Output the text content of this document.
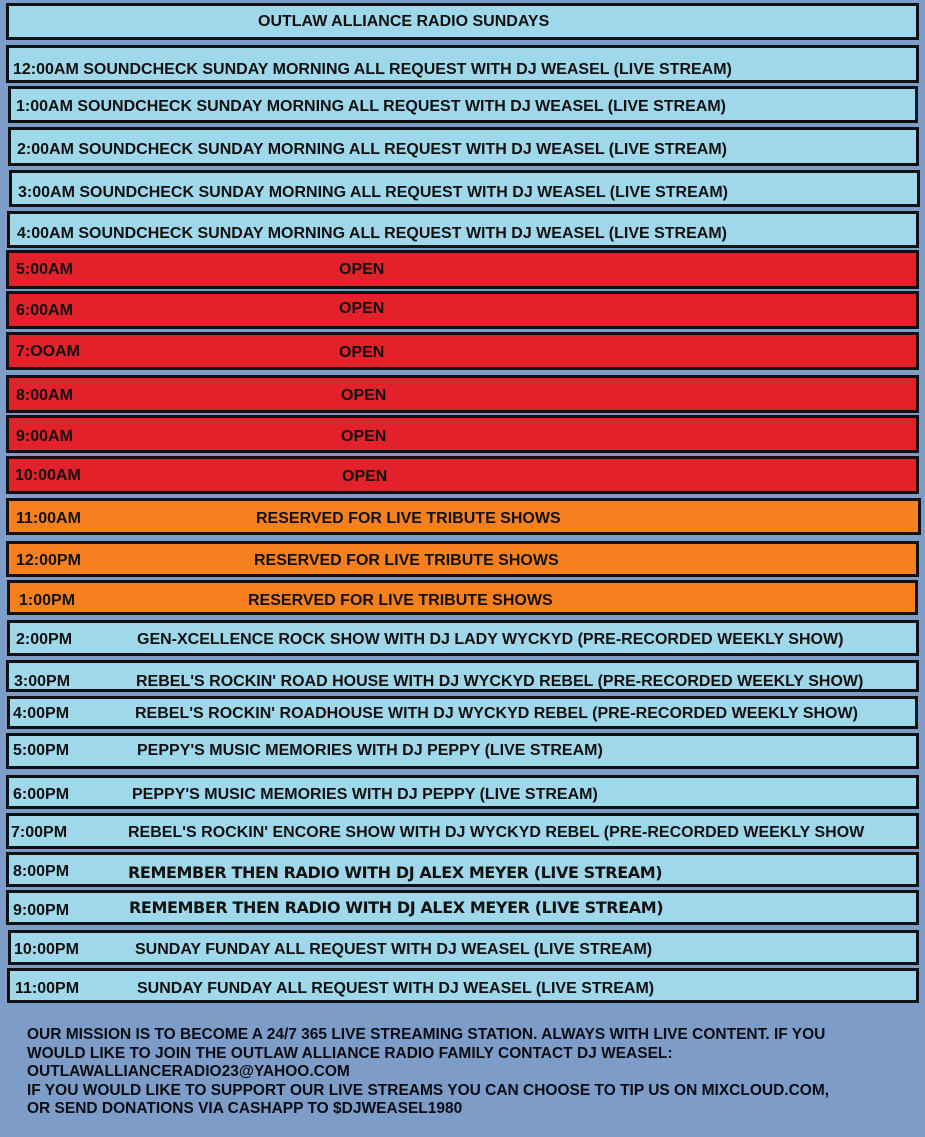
OUTLAW ALLIANCE RADIO SUNDAYS
12:00AM SOUNDCHECK SUNDAY MORNING ALL REQUEST WITH DJ WEASEL (LIVE STREAM)
1:00AM SOUNDCHECK SUNDAY MORNING ALL REQUEST WITH DJ WEASEL (LIVE STREAM)
2:00AM SOUNDCHECK SUNDAY MORNING ALL REQUEST WITH DJ WEASEL (LIVE STREAM)
3:00AM SOUNDCHECK SUNDAY MORNING ALL REQUEST WITH DJ WEASEL (LIVE STREAM)
4:00AM SOUNDCHECK SUNDAY MORNING ALL REQUEST WITH DJ WEASEL (LIVE STREAM)
5:00AM	OPEN
6:00AM	OPEN
7:OOAM	OPEN
8:00AM	OPEN
9:00AM	OPEN
10:00AM	OPEN
11:00AM	RESERVED FOR LIVE TRIBUTE SHOWS
12:00PM	RESERVED FOR LIVE TRIBUTE SHOWS
1:00PM	RESERVED FOR LIVE TRIBUTE SHOWS
2:00PM	GEN-XCELLENCE ROCK SHOW WITH DJ LADY WYCKYD (PRE-RECORDED WEEKLY SHOW)
3:00PM	REBEL'S ROCKIN' ROAD HOUSE WITH DJ WYCKYD REBEL (PRE-RECORDED WEEKLY SHOW)
4:00PM	REBEL'S ROCKIN' ROADHOUSE WITH DJ WYCKYD REBEL (PRE-RECORDED WEEKLY SHOW)
5:00PM	PEPPY'S MUSIC MEMORIES WITH DJ PEPPY (LIVE STREAM)
6:00PM	PEPPY'S MUSIC MEMORIES WITH DJ PEPPY (LIVE STREAM)
7:00PM	REBEL'S ROCKIN' ENCORE SHOW WITH DJ WYCKYD REBEL (PRE-RECORDED WEEKLY SHOW
8:00PM	REMEMBER THEN RADIO WITH DJ ALEX MEYER (LIVE STREAM)
9:00PM	REMEMBER THEN RADIO WITH DJ ALEX MEYER (LIVE STREAM)
10:00PM	SUNDAY FUNDAY ALL REQUEST WITH DJ WEASEL (LIVE STREAM)
11:00PM	SUNDAY FUNDAY ALL REQUEST WITH DJ WEASEL (LIVE STREAM)
OUR MISSION IS TO BECOME A 24/7 365 LIVE STREAMING STATION. ALWAYS WITH LIVE CONTENT. IF YOU
WOULD LIKE TO JOIN THE OUTLAW ALLIANCE RADIO FAMILY CONTACT DJ WEASEL:
OUTLAWALLIANCERADIO23@YAHOO.COM
IF YOU WOULD LIKE TO SUPPORT OUR LIVE STREAMS YOU CAN CHOOSE TO TIP US ON MIXCLOUD.COM,
OR SEND DONATIONS VIA CASHAPP TO $DJWEASEL1980
